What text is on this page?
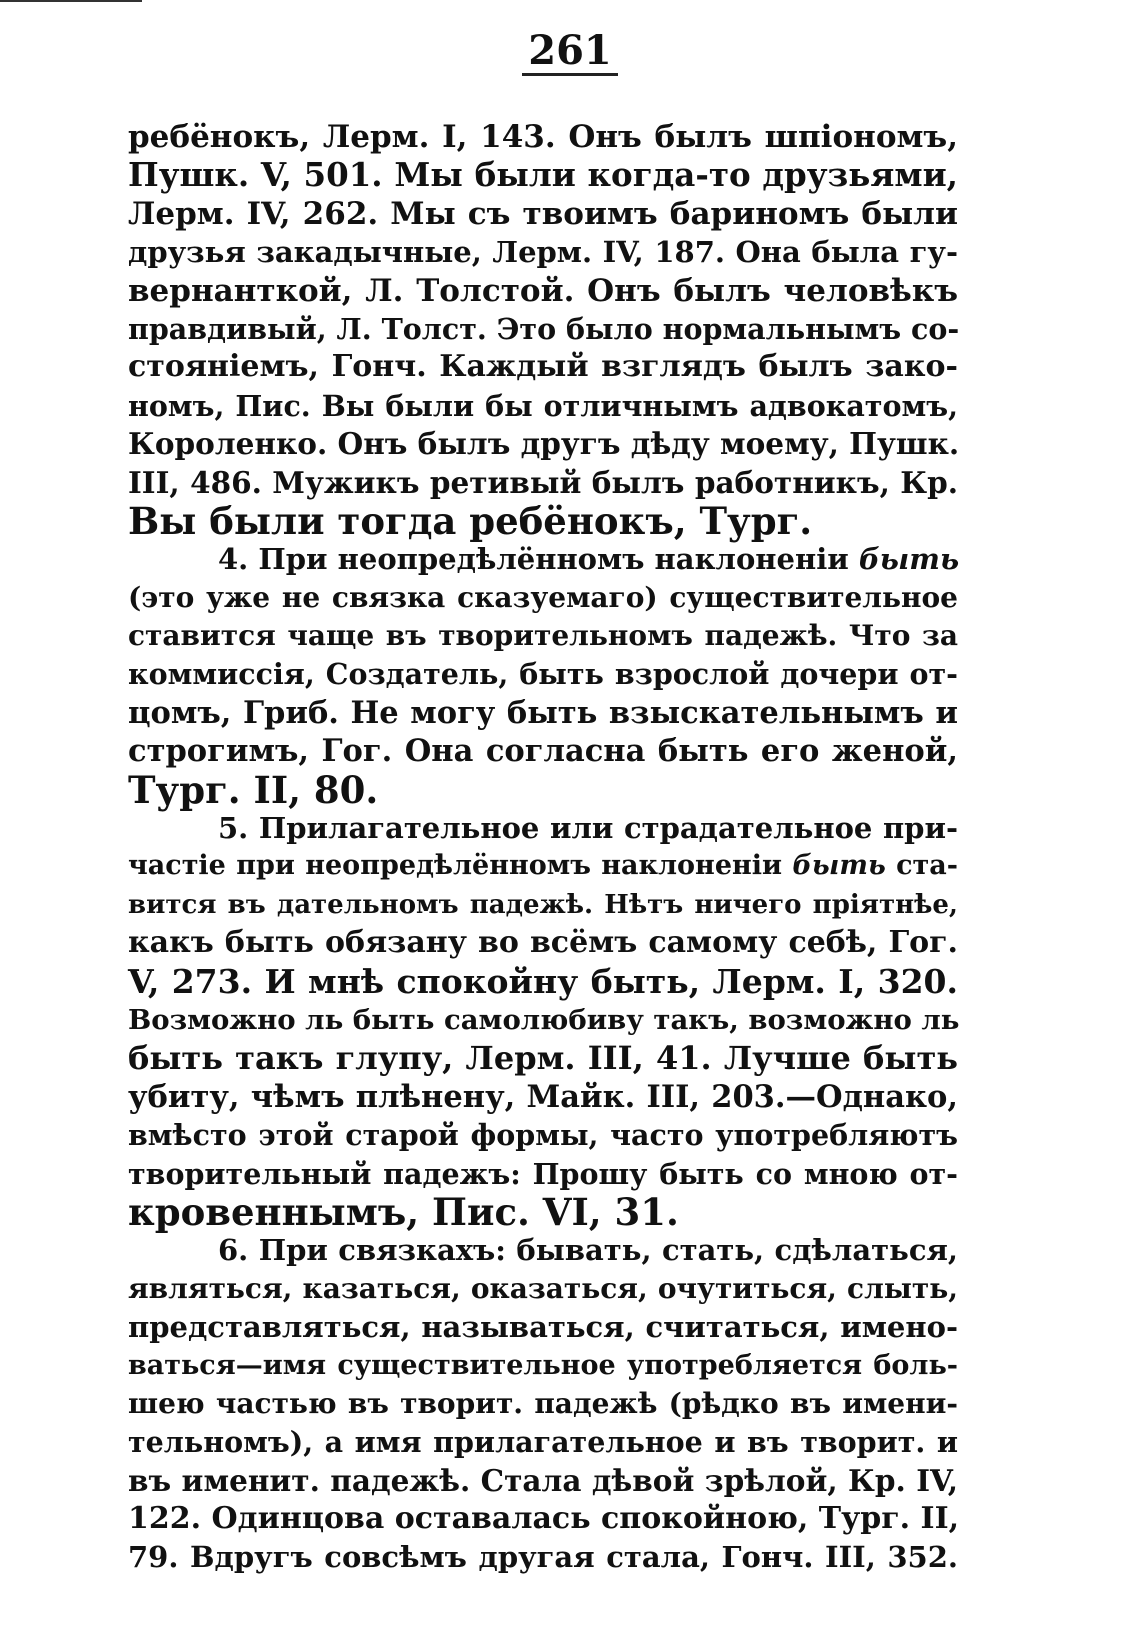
261
ребёнокъ, Лерм. I, 143. Онъ былъ шпiономъ,
Пушк. V, 501. Мы были когда-то друзьями,
Лерм. IV, 262. Мы съ твоимъ бариномъ были
друзья закадычные, Лерм. IV, 187. Она была гу-
вернанткой, Л. Толстой. Онъ былъ человѣкъ
правдивый, Л. Толст. Это было нормальнымъ со-
стоянiемъ, Гонч. Каждый взглядъ былъ зако-
номъ, Пис. Вы были бы отличнымъ адвокатомъ,
Короленко. Онъ былъ другъ дѣду моему, Пушк.
III, 486. Мужикъ ретивый былъ работникъ, Кр.
Вы были тогда ребёнокъ, Тург.
4. При неопредѣлённомъ наклоненiи быть
(это уже не связка сказуемаго) существительное
ставится чаще въ творительномъ падежѣ. Что за
коммиссiя, Создатель, быть взрослой дочери от-
цомъ, Гриб. Не могу быть взыскательнымъ и
строгимъ, Гог. Она согласна быть его женой,
Тург. II, 80.
5. Прилагательное или страдательное при-
частiе при неопредѣлённомъ наклоненiи быть ста-
вится въ дательномъ падежѣ. Нѣтъ ничего прiятнѣе,
какъ быть обязану во всёмъ самому себѣ, Гог.
V, 273. И мнѣ спокойну быть, Лерм. I, 320.
Возможно ль быть самолюбиву такъ, возможно ль
быть такъ глупу, Лерм. III, 41. Лучше быть
убиту, чѣмъ плѣнену, Майк. III, 203.—Однако,
вмѣсто этой старой формы, часто употребляютъ
творительный падежъ: Прошу быть со мною от-
кровеннымъ, Пис. VI, 31.
6. При связкахъ: бывать, стать, сдѣлаться,
являться, казаться, оказаться, очутиться, слыть,
представляться, называться, считаться, имено-
ваться—имя существительное употребляется боль-
шею частью въ творит. падежѣ (рѣдко въ имени-
тельномъ), а имя прилагательное и въ творит. и
въ именит. падежѣ. Стала дѣвой зрѣлой, Кр. IV,
122. Одинцова оставалась спокойною, Тург. II,
79. Вдругъ совсѣмъ другая стала, Гонч. III, 352.
